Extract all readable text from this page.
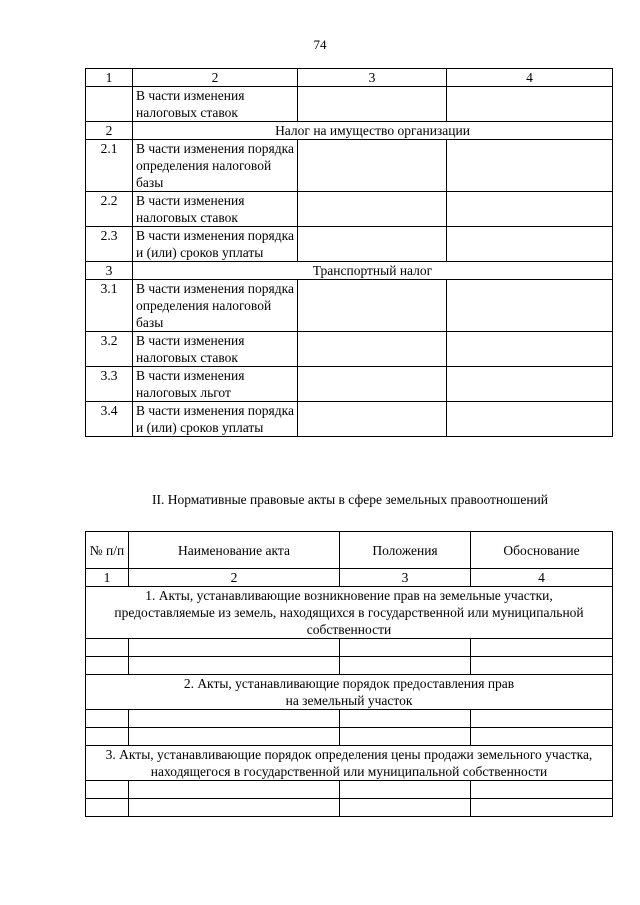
74
1	2	3	4
	В части изменения налоговых ставок		
2	Налог на имущество организации		
2.1	В части изменения порядка определения налоговой базы		
2.2	В части изменения налоговых ставок		
2.3	В части изменения порядка и (или) сроков уплаты		
3	Транспортный налог		
3.1	В части изменения порядка определения налоговой базы		
3.2	В части изменения налоговых ставок		
3.3	В части изменения налоговых льгот		
3.4	В части изменения порядка и (или) сроков уплаты		
II. Нормативные правовые акты в сфере земельных правоотношений
№ п/п	Наименование акта	Положения	Обоснование
1	2	3	4
1. Акты, устанавливающие возникновение прав на земельные участки, предоставляемые из земель, находящихся в государственной или муниципальной собственности			

2. Акты, устанавливающие порядок предоставления прав на земельный участок			

3. Акты, устанавливающие порядок определения цены продажи земельного участка, находящегося в государственной или муниципальной собственности			
